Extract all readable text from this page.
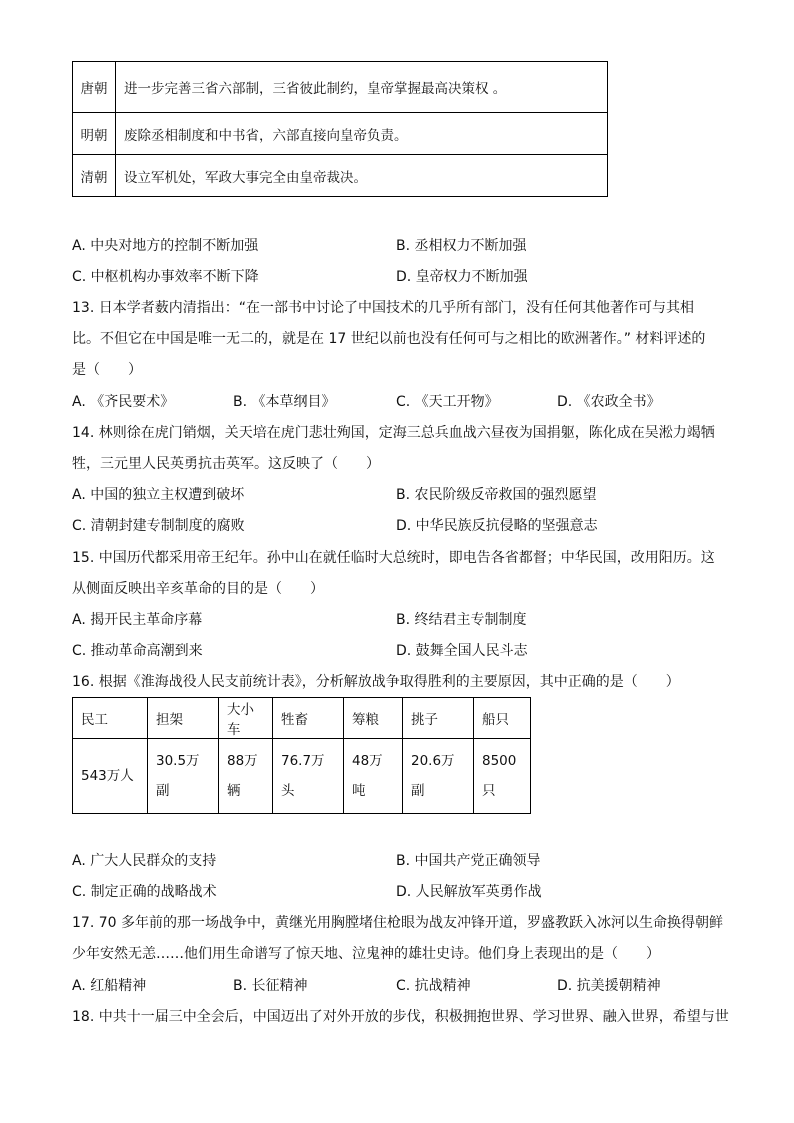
唐朝	进一步完善三省六部制，三省彼此制约，皇帝掌握最高决策权 。
明朝	废除丞相制度和中书省，六部直接向皇帝负责。
清朝	设立军机处，军政大事完全由皇帝裁决。
A. 中央对地方的控制不断加强	B. 丞相权力不断加强
C. 中枢机构办事效率不断下降	D. 皇帝权力不断加强
13. 日本学者薮内清指出：“在一部书中讨论了中国技术的几乎所有部门，没有任何其他著作可与其相
比。不但它在中国是唯一无二的，就是在 17 世纪以前也没有任何可与之相比的欧洲著作。” 材料评述的
是（　　）
A. 《齐民要术》	B. 《本草纲目》	C. 《天工开物》	D. 《农政全书》
14. 林则徐在虎门销烟，关天培在虎门悲壮殉国，定海三总兵血战六昼夜为国捐躯，陈化成在吴淞力竭牺
牲，三元里人民英勇抗击英军。这反映了（　　）
A. 中国的独立主权遭到破坏	B. 农民阶级反帝救国的强烈愿望
C. 清朝封建专制制度的腐败	D. 中华民族反抗侵略的坚强意志
15. 中国历代都采用帝王纪年。孙中山在就任临时大总统时，即电告各省都督；中华民国，改用阳历。这
从侧面反映出辛亥革命的目的是（　　）
A. 揭开民主革命序幕	B. 终结君主专制制度
C. 推动革命高潮到来	D. 鼓舞全国人民斗志
16. 根据《淮海战役人民支前统计表》，分析解放战争取得胜利的主要原因，其中正确的是（　　）
民工	担架	大小车	牲畜	筹粮	挑子	船只
543万人	30.5万副	88万辆	76.7万头	48万吨	20.6万副	8500只
A. 广大人民群众的支持	B. 中国共产党正确领导
C. 制定正确的战略战术	D. 人民解放军英勇作战
17. 70 多年前的那一场战争中，黄继光用胸膛堵住枪眼为战友冲锋开道，罗盛教跃入冰河以生命换得朝鲜
少年安然无恙……他们用生命谱写了惊天地、泣鬼神的雄壮史诗。他们身上表现出的是（　　）
A. 红船精神	B. 长征精神	C. 抗战精神	D. 抗美援朝精神
18. 中共十一届三中全会后，中国迈出了对外开放的步伐，积极拥抱世界、学习世界、融入世界，希望与世
